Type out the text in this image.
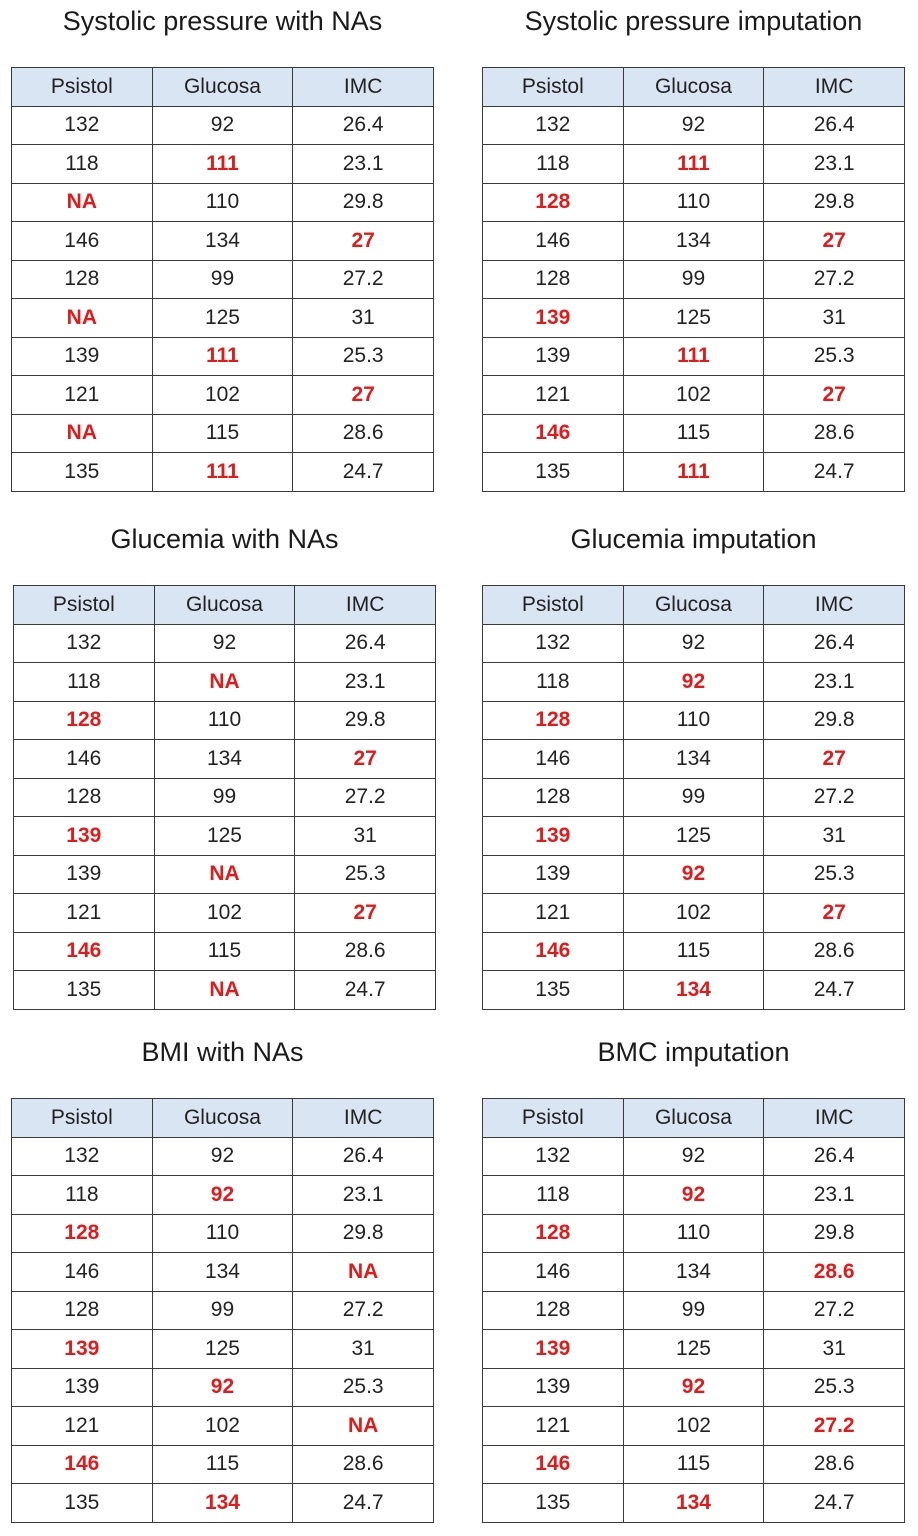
Systolic pressure with NAs
Psistol	Glucosa	IMC
132	92	26.4
118	111	23.1
NA	110	29.8
146	134	27
128	99	27.2
NA	125	31
139	111	25.3
121	102	27
NA	115	28.6
135	111	24.7
Systolic pressure imputation
Psistol	Glucosa	IMC
132	92	26.4
118	111	23.1
128	110	29.8
146	134	27
128	99	27.2
139	125	31
139	111	25.3
121	102	27
146	115	28.6
135	111	24.7
Glucemia with NAs
Psistol	Glucosa	IMC
132	92	26.4
118	NA	23.1
128	110	29.8
146	134	27
128	99	27.2
139	125	31
139	NA	25.3
121	102	27
146	115	28.6
135	NA	24.7
Glucemia imputation
Psistol	Glucosa	IMC
132	92	26.4
118	92	23.1
128	110	29.8
146	134	27
128	99	27.2
139	125	31
139	92	25.3
121	102	27
146	115	28.6
135	134	24.7
BMI with NAs
Psistol	Glucosa	IMC
132	92	26.4
118	92	23.1
128	110	29.8
146	134	NA
128	99	27.2
139	125	31
139	92	25.3
121	102	NA
146	115	28.6
135	134	24.7
BMC imputation
Psistol	Glucosa	IMC
132	92	26.4
118	92	23.1
128	110	29.8
146	134	28.6
128	99	27.2
139	125	31
139	92	25.3
121	102	27.2
146	115	28.6
135	134	24.7
